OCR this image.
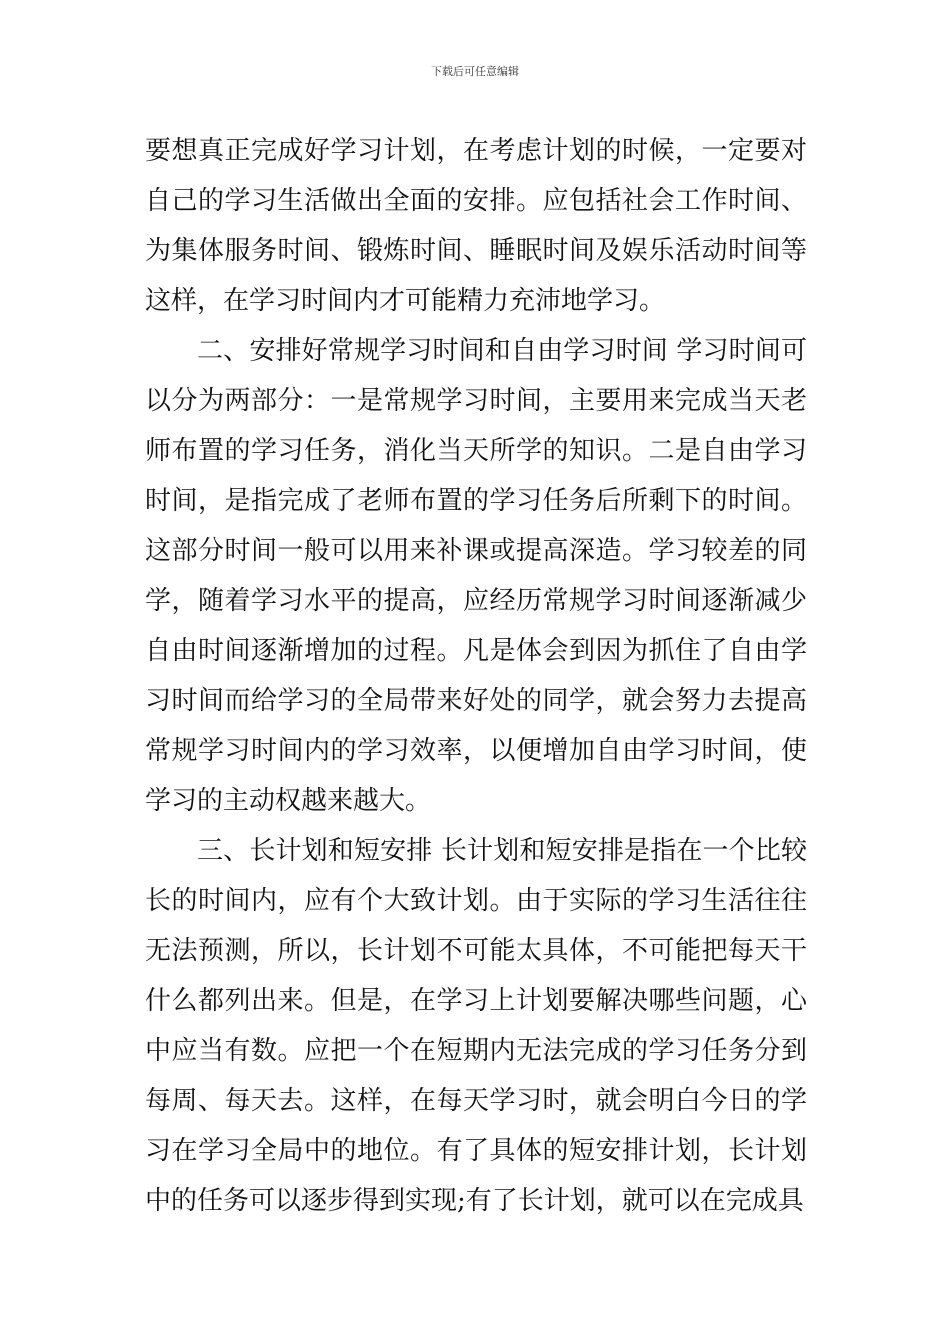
下载后可任意编辑

要想真正完成好学习计划，在考虑计划的时候，一定要对自己的学习生活做出全面的安排。应包括社会工作时间、为集体服务时间、锻炼时间、睡眠时间及娱乐活动时间等这样，在学习时间内才可能精力充沛地学习。

二、安排好常规学习时间和自由学习时间 学习时间可以分为两部分：一是常规学习时间，主要用来完成当天老师布置的学习任务，消化当天所学的知识。二是自由学习时间，是指完成了老师布置的学习任务后所剩下的时间。这部分时间一般可以用来补课或提高深造。学习较差的同学，随着学习水平的提高，应经历常规学习时间逐渐减少自由时间逐渐增加的过程。凡是体会到因为抓住了自由学习时间而给学习的全局带来好处的同学，就会努力去提高常规学习时间内的学习效率，以便增加自由学习时间，使学习的主动权越来越大。

三、长计划和短安排 长计划和短安排是指在一个比较长的时间内，应有个大致计划。由于实际的学习生活往往无法预测，所以，长计划不可能太具体，不可能把每天干什么都列出来。但是，在学习上计划要解决哪些问题，心中应当有数。应把一个在短期内无法完成的学习任务分到每周、每天去。这样，在每天学习时，就会明白今日的学习在学习全局中的地位。有了具体的短安排计划，长计划中的任务可以逐步得到实现;有了长计划，就可以在完成具
